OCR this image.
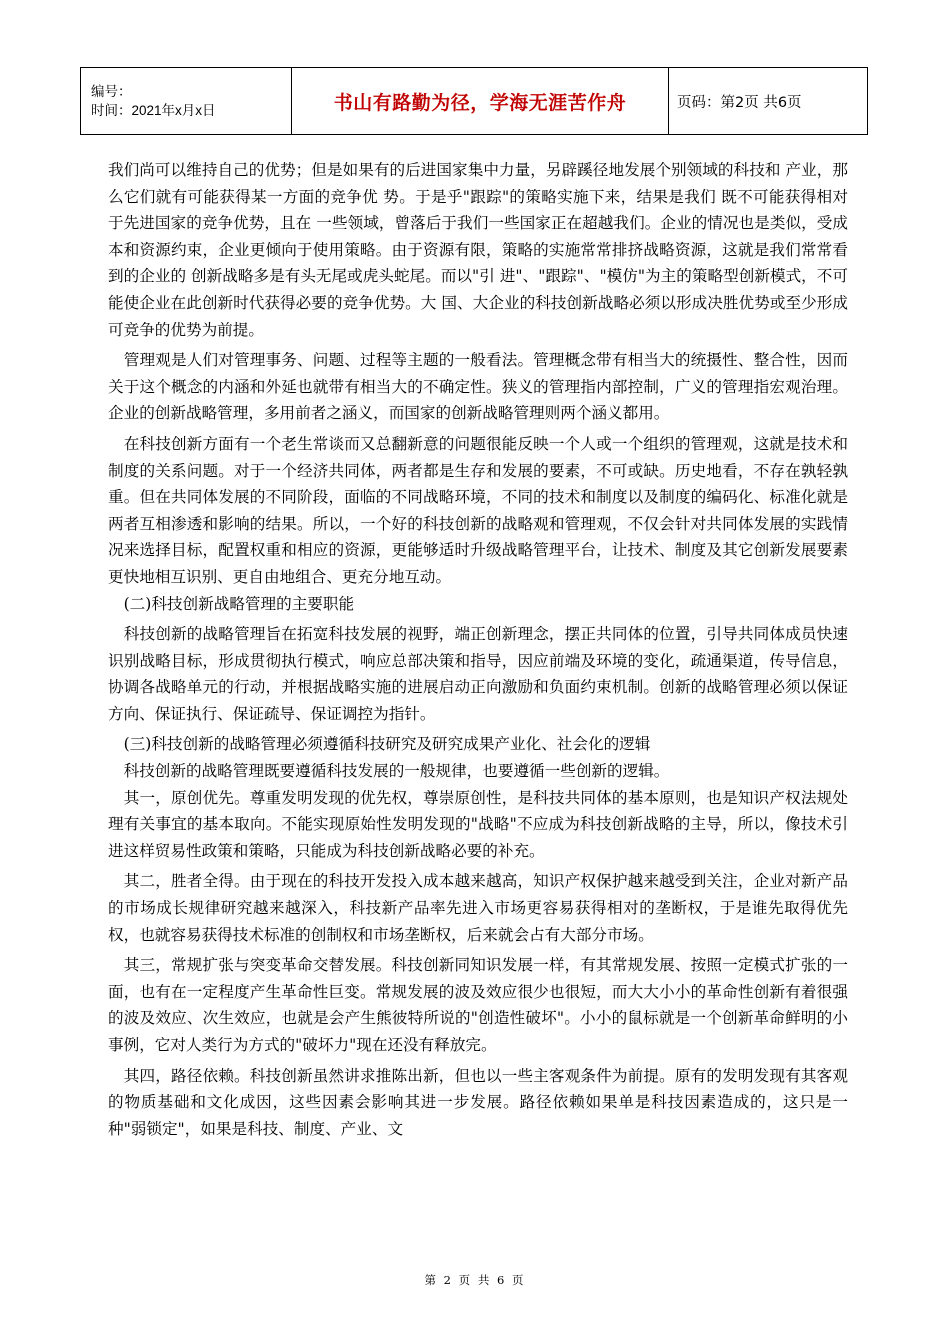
编号：
时间：2021年x月x日	书山有路勤为径，学海无涯苦作舟	页码：第2页 共6页

我们尚可以维持自己的优势；但是如果有的后进国家集中力量，另辟蹊径地发展个别领域的科技和 产业，那么它们就有可能获得某一方面的竞争优 势。于是乎"跟踪"的策略实施下来，结果是我们 既不可能获得相对于先进国家的竞争优势，且在 一些领域，曾落后于我们一些国家正在超越我们。企业的情况也是类似，受成本和资源约束，企业更倾向于使用策略。由于资源有限，策略的实施常常排挤战略资源，这就是我们常常看到的企业的 创新战略多是有头无尾或虎头蛇尾。而以"引 进"、"跟踪"、"模仿"为主的策略型创新模式，不可能使企业在此创新时代获得必要的竞争优势。大 国、大企业的科技创新战略必须以形成决胜优势或至少形成可竞争的优势为前提。

　管理观是人们对管理事务、问题、过程等主题的一般看法。管理概念带有相当大的统摄性、整合性，因而关于这个概念的内涵和外延也就带有相当大的不确定性。狭义的管理指内部控制，广义的管理指宏观治理。企业的创新战略管理，多用前者之涵义，而国家的创新战略管理则两个涵义都用。

　在科技创新方面有一个老生常谈而又总翻新意的问题很能反映一个人或一个组织的管理观，这就是技术和制度的关系问题。对于一个经济共同体，两者都是生存和发展的要素，不可或缺。历史地看，不存在孰轻孰重。但在共同体发展的不同阶段，面临的不同战略环境，不同的技术和制度以及制度的编码化、标准化就是两者互相渗透和影响的结果。所以，一个好的科技创新的战略观和管理观，不仅会针对共同体发展的实践情况来选择目标，配置权重和相应的资源，更能够适时升级战略管理平台，让技术、制度及其它创新发展要素更快地相互识别、更自由地组合、更充分地互动。

　(二)科技创新战略管理的主要职能

　科技创新的战略管理旨在拓宽科技发展的视野，端正创新理念，摆正共同体的位置，引导共同体成员快速识别战略目标，形成贯彻执行模式，响应总部决策和指导，因应前端及环境的变化，疏通渠道，传导信息，协调各战略单元的行动，并根据战略实施的进展启动正向激励和负面约束机制。创新的战略管理必须以保证方向、保证执行、保证疏导、保证调控为指针。

　(三)科技创新的战略管理必须遵循科技研究及研究成果产业化、社会化的逻辑

　科技创新的战略管理既要遵循科技发展的一般规律，也要遵循一些创新的逻辑。

　其一，原创优先。尊重发明发现的优先权，尊崇原创性，是科技共同体的基本原则，也是知识产权法规处理有关事宜的基本取向。不能实现原始性发明发现的"战略"不应成为科技创新战略的主导，所以，像技术引进这样贸易性政策和策略，只能成为科技创新战略必要的补充。

　其二，胜者全得。由于现在的科技开发投入成本越来越高，知识产权保护越来越受到关注，企业对新产品的市场成长规律研究越来越深入，科技新产品率先进入市场更容易获得相对的垄断权，于是谁先取得优先权，也就容易获得技术标准的创制权和市场垄断权，后来就会占有大部分市场。

　其三，常规扩张与突变革命交替发展。科技创新同知识发展一样，有其常规发展、按照一定模式扩张的一面，也有在一定程度产生革命性巨变。常规发展的波及效应很少也很短，而大大小小的革命性创新有着很强的波及效应、次生效应，也就是会产生熊彼特所说的"创造性破坏"。小小的鼠标就是一个创新革命鲜明的小事例，它对人类行为方式的"破坏力"现在还没有释放完。

　其四，路径依赖。科技创新虽然讲求推陈出新，但也以一些主客观条件为前提。原有的发明发现有其客观的物质基础和文化成因，这些因素会影响其进一步发展。路径依赖如果单是科技因素造成的，这只是一种"弱锁定"，如果是科技、制度、产业、文

第 2 页 共 6 页
